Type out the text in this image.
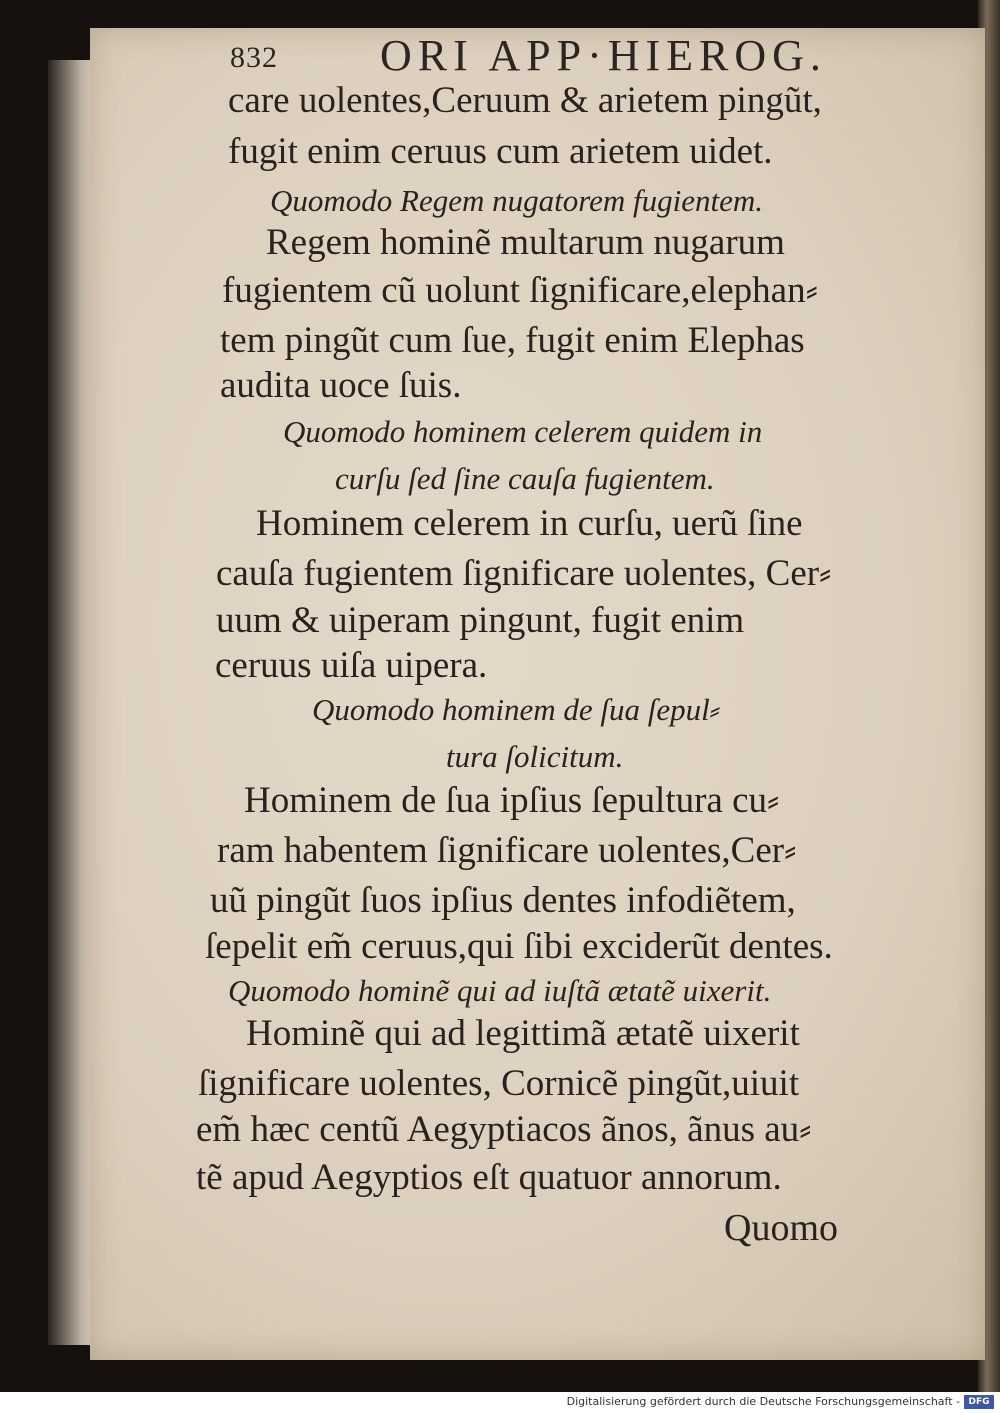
832 ORI APP·HIEROG.
care uolentes,Ceruum & arietem pingũt,
fugit enim ceruus cum arietem uidet.
Quomodo Regem nugatorem fugientem.
Regem hominẽ multarum nugarum
fugientem cũ uolunt ſignificare,elephan⸗
tem pingũt cum ſue, fugit enim Elephas
audita uoce ſuis.
Quomodo hominem celerem quidem in
curſu ſed ſine cauſa fugientem.
Hominem celerem in curſu, uerũ ſine
cauſa fugientem ſignificare uolentes, Cer⸗
uum & uiperam pingunt, fugit enim
ceruus uiſa uipera.
Quomodo hominem de ſua ſepul⸗
tura ſolicitum.
Hominem de ſua ipſius ſepultura cu⸗
ram habentem ſignificare uolentes,Cer⸗
uũ pingũt ſuos ipſius dentes infodiẽtem,
ſepelit em̃ ceruus,qui ſibi exciderũt dentes.
Quomodo hominẽ qui ad iuſtã ætatẽ uixerit.
Hominẽ qui ad legittimã ætatẽ uixerit
ſignificare uolentes, Cornicẽ pingũt,uiuit
em̃ hæc centũ Aegyptiacos ãnos, ãnus au⸗
tẽ apud Aegyptios eſt quatuor annorum.
Quomo
Digitalisierung gefördert durch die Deutsche Forschungsgemeinschaft - DFG
